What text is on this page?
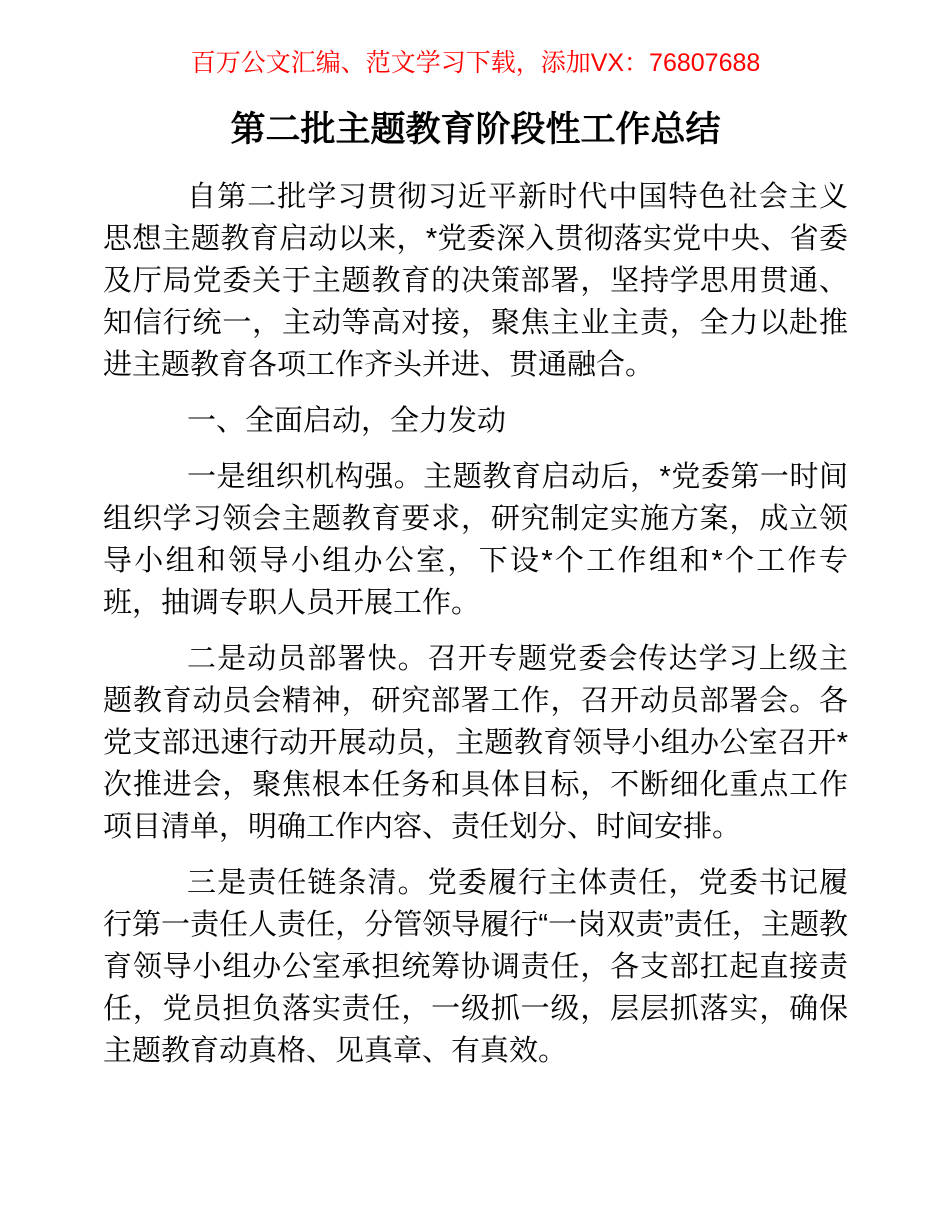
百万公文汇编、范文学习下载，添加VX：76807688
第二批主题教育阶段性工作总结

自第二批学习贯彻习近平新时代中国特色社会主义思想主题教育启动以来，*党委深入贯彻落实党中央、省委及厅局党委关于主题教育的决策部署，坚持学思用贯通、知信行统一，主动等高对接，聚焦主业主责，全力以赴推进主题教育各项工作齐头并进、贯通融合。

一、全面启动，全力发动

一是组织机构强。主题教育启动后，*党委第一时间组织学习领会主题教育要求，研究制定实施方案，成立领导小组和领导小组办公室，下设*个工作组和*个工作专班，抽调专职人员开展工作。

二是动员部署快。召开专题党委会传达学习上级主题教育动员会精神，研究部署工作，召开动员部署会。各党支部迅速行动开展动员，主题教育领导小组办公室召开*次推进会，聚焦根本任务和具体目标，不断细化重点工作项目清单，明确工作内容、责任划分、时间安排。

三是责任链条清。党委履行主体责任，党委书记履行第一责任人责任，分管领导履行“一岗双责”责任，主题教育领导小组办公室承担统筹协调责任，各支部扛起直接责任，党员担负落实责任，一级抓一级，层层抓落实，确保主题教育动真格、见真章、有真效。
